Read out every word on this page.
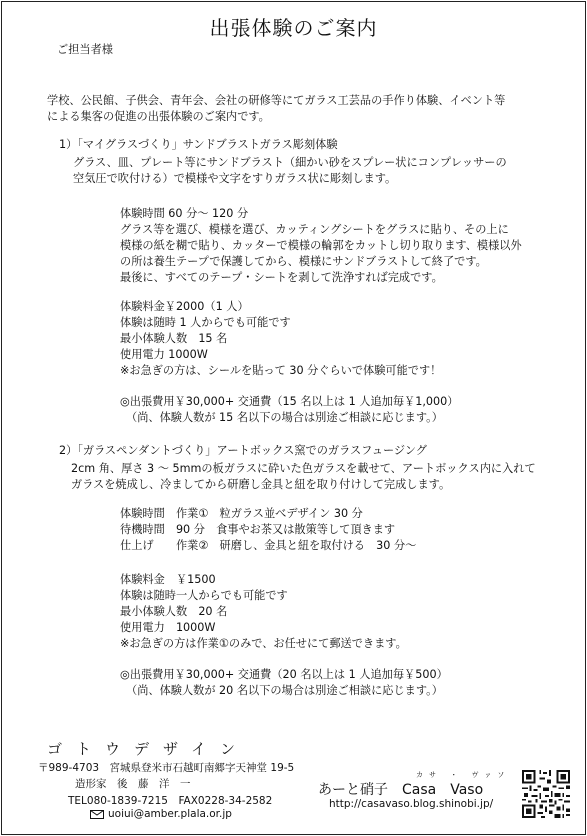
出張体験のご案内
ご担当者様
学校、公民館、子供会、青年会、会社の研修等にてガラス工芸品の手作り体験、イベント等
による集客の促進の出張体験のご案内です。
1）「マイグラスづくり」サンドブラストガラス彫刻体験
グラス、皿、プレート等にサンドブラスト（細かい砂をスプレー状にコンプレッサーの
空気圧で吹付ける）で模様や文字をすりガラス状に彫刻します。
体験時間 60 分～ 120 分
グラス等を選び、模様を選び、カッティングシートをグラスに貼り、その上に
模様の紙を糊で貼り、カッターで模様の輪郭をカットし切り取ります、模様以外
の所は養生テープで保護してから、模様にサンドブラストして終了です。
最後に、すべてのテープ・シートを剥して洗浄すれば完成です。
体験料金￥2000（1 人）
体験は随時 1 人からでも可能です
最小体験人数　15 名
使用電力 1000W
※お急ぎの方は、シールを貼って 30 分ぐらいで体験可能です！
◎出張費用￥30,000+ 交通費（15 名以上は 1 人追加毎￥1,000）
（尚、体験人数が 15 名以下の場合は別途ご相談に応じます。）
2）「ガラスペンダントづくり」アートボックス窯でのガラスフュージング
2cm 角、厚さ 3 ～ 5mmの板ガラスに砕いた色ガラスを載せて、アートボックス内に入れて
ガラスを焼成し、冷ましてから研磨し金具と紐を取り付けして完成します。
体験時間　作業①　粒ガラス並べデザイン 30 分
待機時間　90 分　食事やお茶又は散策等して頂きます
仕上げ　　作業②　研磨し、金具と紐を取付ける　30 分～
体験料金　￥1500
体験は随時一人からでも可能です
最小体験人数　20 名
使用電力　1000W
※お急ぎの方は作業①のみで、お任せにて郵送できます。
◎出張費用￥30,000+ 交通費（20 名以上は 1 人追加毎￥500）
（尚、体験人数が 20 名以下の場合は別途ご相談に応じます。）
ゴトウデザイン
〒989-4703　宮城県登米市石越町南郷字天神堂 19-5
造形家　後　藤　洋　一
TEL080-1839-7215　FAX0228-34-2582
uoiui@amber.plala.or.jp
カサ ・ ヴァソ
あーと硝子　Casa　Vaso
http://casavaso.blog.shinobi.jp/
